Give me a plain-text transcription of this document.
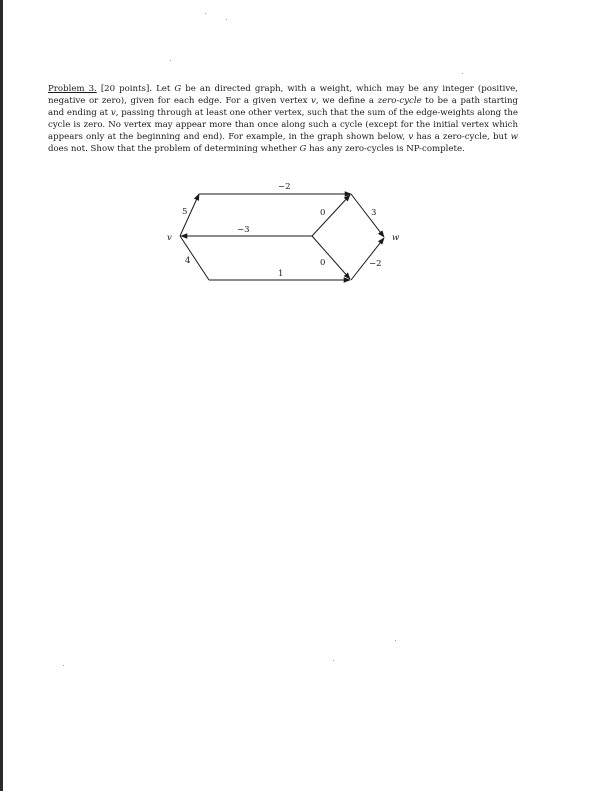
Problem 3. [20 points]. Let G be an directed graph, with a weight, which may be any integer (positive, negative or zero), given for each edge. For a given vertex v, we define a zero-cycle to be a path starting and ending at v, passing through at least one other vertex, such that the sum of the edge-weights along the cycle is zero. No vertex may appear more than once along such a cycle (except for the initial vertex which appears only at the beginning and end). For example, in the graph shown below, v has a zero-cycle, but w does not. Show that the problem of determining whether G has any zero-cycles is NP-complete.
v	w
5
−2
−3
4
1
0	3
0	−2
